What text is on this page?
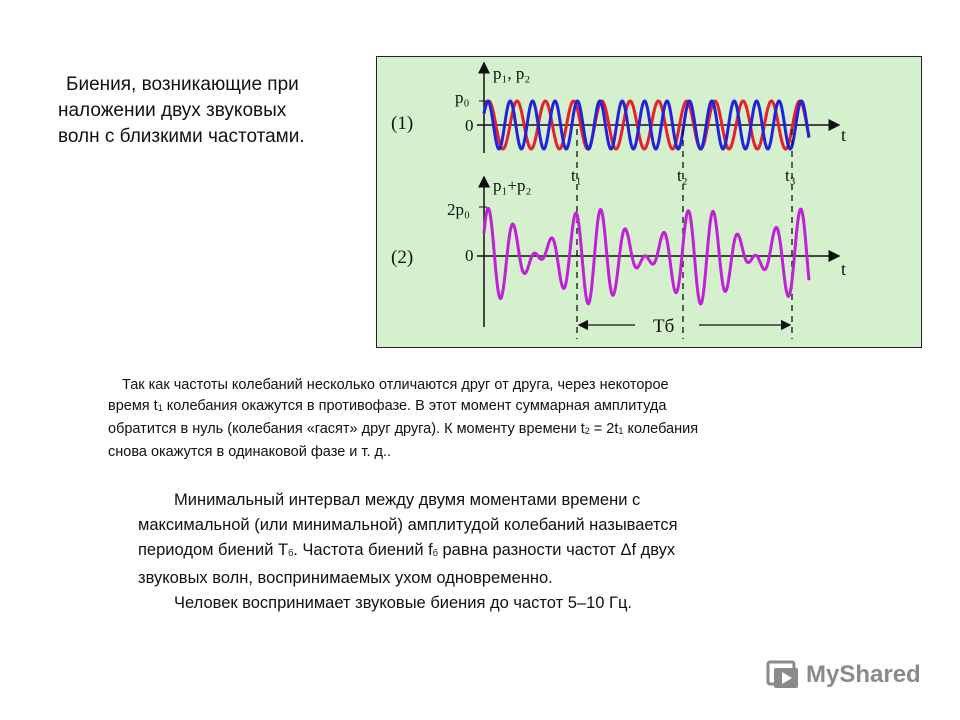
Биения, возникающие при
наложении двух звуковых
волн с близкими частотами.
p₁, p₂
p₀
0
(1)
t
t₁	t₂	t₃
p₁+p₂
2p₀
0
(2)
t
Tб
Так как частоты колебаний несколько отличаются друг от друга, через некоторое
время t1 колебания окажутся в противофазе. В этот момент суммарная амплитуда
обратится в нуль (колебания «гасят» друг друга). К моменту времени t2 = 2t1 колебания
снова окажутся в одинаковой фазе и т. д..
Минимальный интервал между двумя моментами времени с
максимальной (или минимальной) амплитудой колебаний называется
периодом биений Tб. Частота биений fб равна разности частот Δf двух
звуковых волн, воспринимаемых ухом одновременно.
Человек воспринимает звуковые биения до частот 5–10 Гц.
MyShared
